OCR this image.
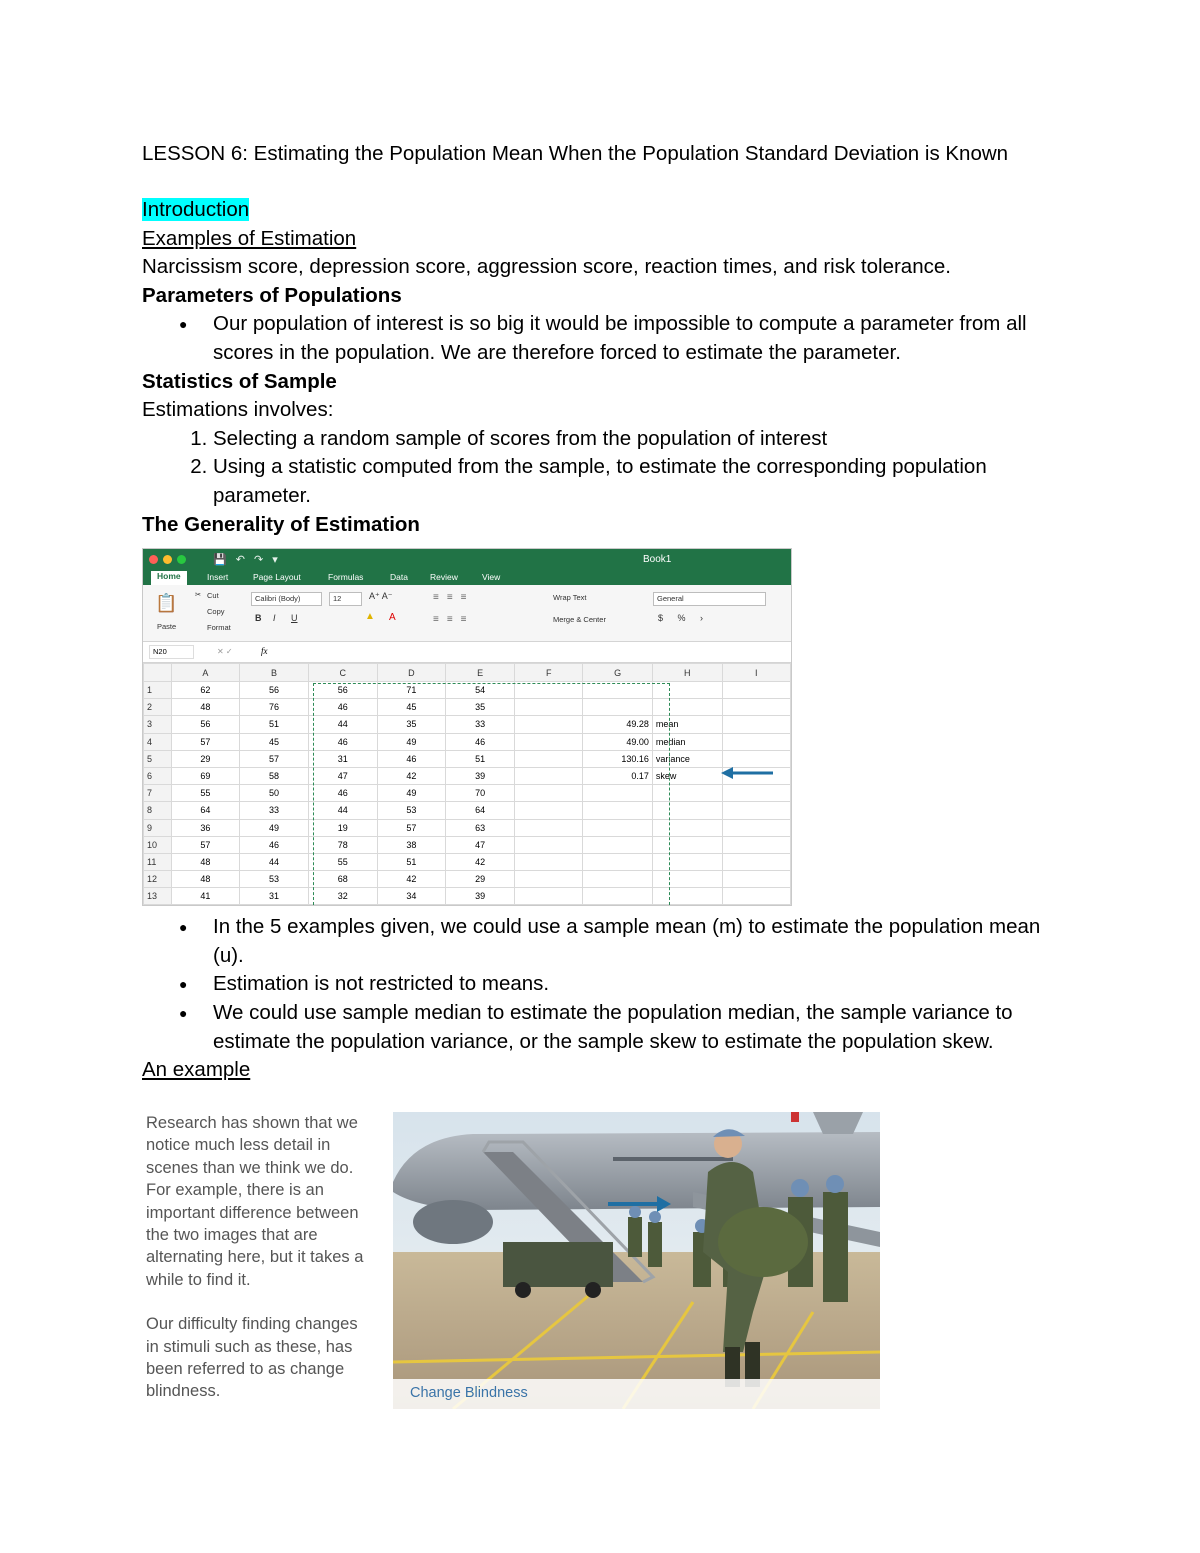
LESSON 6: Estimating the Population Mean When the Population Standard Deviation is Known
Introduction
Examples of Estimation

Narcissism score, depression score, aggression score, reaction times, and risk tolerance.

Parameters of Populations
● Our population of interest is so big it would be impossible to compute a parameter from all scores in the population. We are therefore forced to estimate the parameter.
Statistics of Sample

Estimations involves:

1. Selecting a random sample of scores from the population of interest
2. Using a statistic computed from the sample, to estimate the corresponding population parameter.
The Generality of Estimation
● In the 5 examples given, we could use a sample mean (m) to estimate the population mean (u).
● Estimation is not restricted to means.
● We could use sample median to estimate the population median, the sample variance to estimate the population variance, or the sample skew to estimate the population skew.
An example
💾 ↶ ↷ ▾	Book1
Home	Insert	Page Layout	Formulas	Data	Review	View
📋
Paste
✂ Cut
Copy
Format
Calibri (Body)	12	A⁺ A⁻
B I U	▲ A
≡≡≡
≡≡≡
Wrap Text
Merge & Center
General
$ % ›
N20	✕ ✓	fx
	A	B	C	D	E	F	G	H	I
1	62	56	56	71	54				
2	48	76	46	45	35				
3	56	51	44	35	33		49.28	mean	
4	57	45	46	49	46		49.00	median	
5	29	57	31	46	51		130.16	variance	
6	69	58	47	42	39		0.17	skew	
7	55	50	46	49	70				
8	64	33	44	53	64				
9	36	49	19	57	63				
10	57	46	78	38	47				
11	48	44	55	51	42				
12	48	53	68	42	29				
13	41	31	32	34	39				

Research has shown that we notice much less detail in scenes than we think we do. For example, there is an important difference between the two images that are alternating here, but it takes a while to find it.

Our difficulty finding changes in stimuli such as these, has been referred to as change blindness.	Change Blindness
